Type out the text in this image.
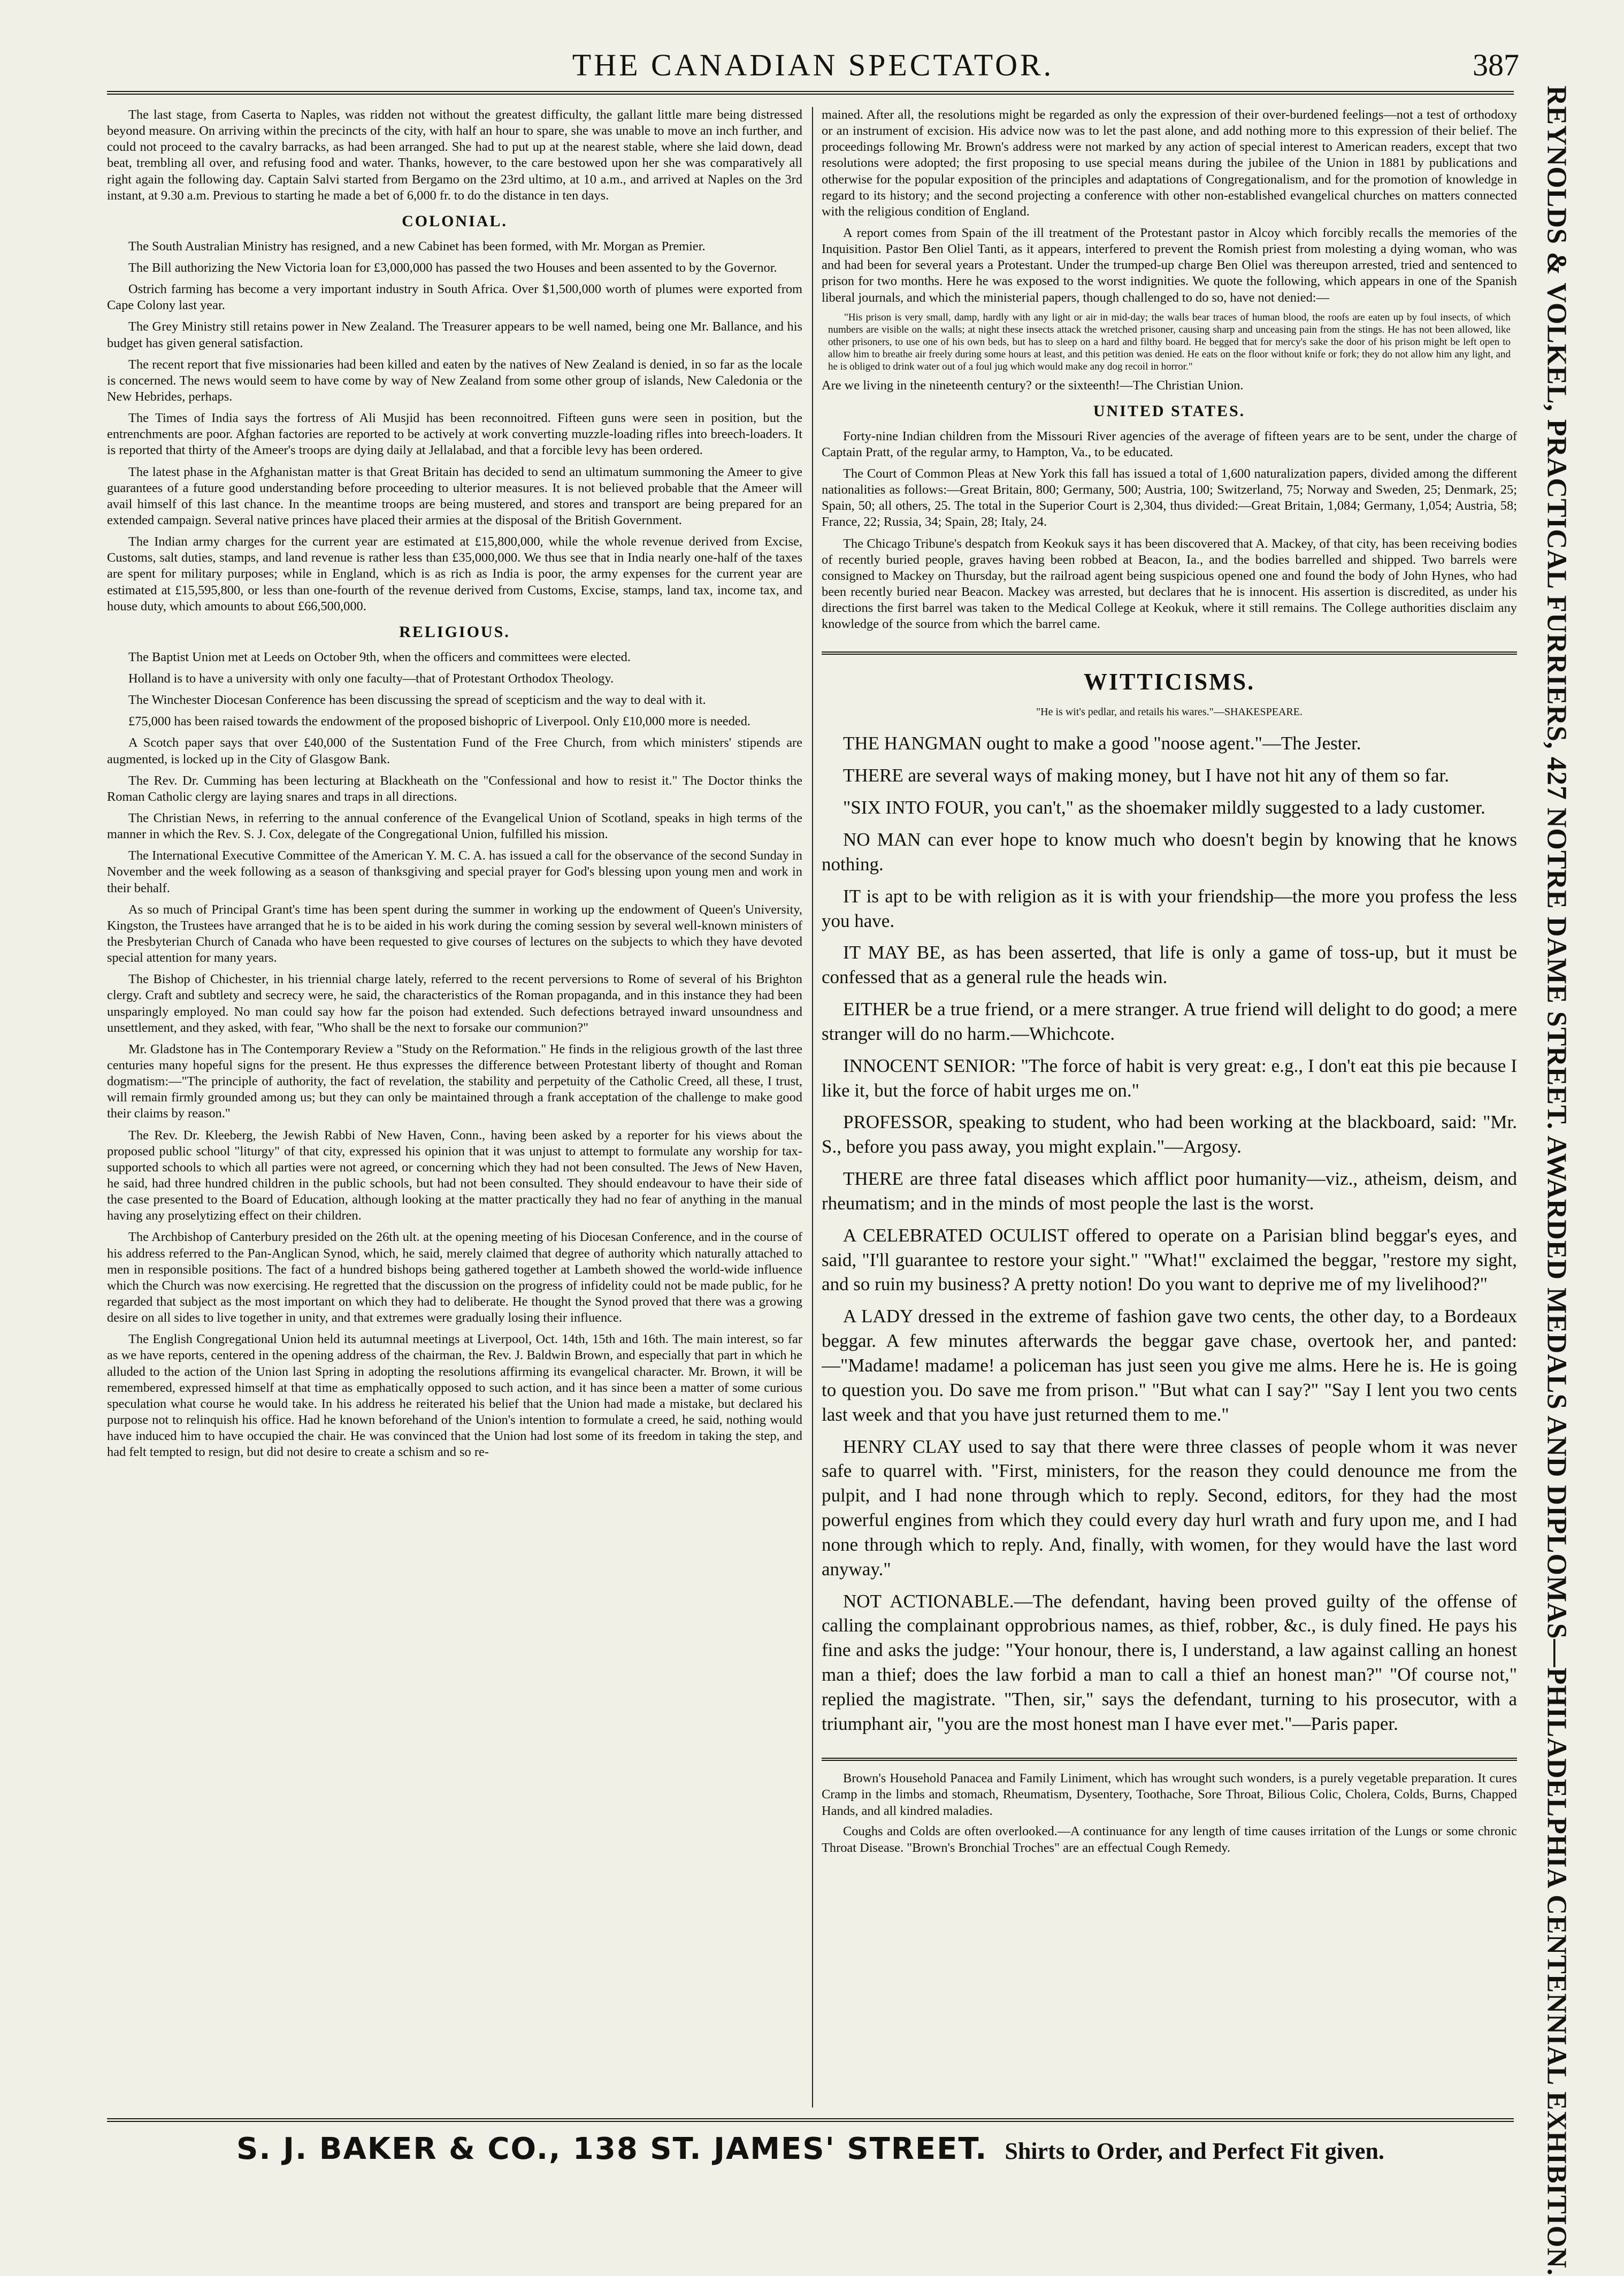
THE CANADIAN SPECTATOR.	387

The last stage, from Caserta to Naples, was ridden not without the greatest difficulty, the gallant little mare being distressed beyond measure. On arriving within the precincts of the city, with half an hour to spare, she was unable to move an inch further, and could not proceed to the cavalry barracks, as had been arranged. She had to put up at the nearest stable, where she laid down, dead beat, trembling all over, and refusing food and water. Thanks, however, to the care bestowed upon her she was comparatively all right again the following day. Captain Salvi started from Bergamo on the 23rd ultimo, at 10 a.m., and arrived at Naples on the 3rd instant, at 9.30 a.m. Previous to starting he made a bet of 6,000 fr. to do the distance in ten days.

COLONIAL.

The South Australian Ministry has resigned, and a new Cabinet has been formed, with Mr. Morgan as Premier.

The Bill authorizing the New Victoria loan for £3,000,000 has passed the two Houses and been assented to by the Governor.

Ostrich farming has become a very important industry in South Africa. Over $1,500,000 worth of plumes were exported from Cape Colony last year.

The Grey Ministry still retains power in New Zealand. The Treasurer appears to be well named, being one Mr. Ballance, and his budget has given general satisfaction.

The recent report that five missionaries had been killed and eaten by the natives of New Zealand is denied, in so far as the locale is concerned. The news would seem to have come by way of New Zealand from some other group of islands, New Caledonia or the New Hebrides, perhaps.

The Times of India says the fortress of Ali Musjid has been reconnoitred. Fifteen guns were seen in position, but the entrenchments are poor. Afghan factories are reported to be actively at work converting muzzle-loading rifles into breech-loaders. It is reported that thirty of the Ameer's troops are dying daily at Jellalabad, and that a forcible levy has been ordered.

The latest phase in the Afghanistan matter is that Great Britain has decided to send an ultimatum summoning the Ameer to give guarantees of a future good understanding before proceeding to ulterior measures. It is not believed probable that the Ameer will avail himself of this last chance. In the meantime troops are being mustered, and stores and transport are being prepared for an extended campaign. Several native princes have placed their armies at the disposal of the British Government.

The Indian army charges for the current year are estimated at £15,800,000, while the whole revenue derived from Excise, Customs, salt duties, stamps, and land revenue is rather less than £35,000,000. We thus see that in India nearly one-half of the taxes are spent for military purposes; while in England, which is as rich as India is poor, the army expenses for the current year are estimated at £15,595,800, or less than one-fourth of the revenue derived from Customs, Excise, stamps, land tax, income tax, and house duty, which amounts to about £66,500,000.

RELIGIOUS.

The Baptist Union met at Leeds on October 9th, when the officers and committees were elected.

Holland is to have a university with only one faculty—that of Protestant Orthodox Theology.

The Winchester Diocesan Conference has been discussing the spread of scepticism and the way to deal with it.

£75,000 has been raised towards the endowment of the proposed bishopric of Liverpool. Only £10,000 more is needed.

A Scotch paper says that over £40,000 of the Sustentation Fund of the Free Church, from which ministers' stipends are augmented, is locked up in the City of Glasgow Bank.

The Rev. Dr. Cumming has been lecturing at Blackheath on the "Confessional and how to resist it." The Doctor thinks the Roman Catholic clergy are laying snares and traps in all directions.

The Christian News, in referring to the annual conference of the Evangelical Union of Scotland, speaks in high terms of the manner in which the Rev. S. J. Cox, delegate of the Congregational Union, fulfilled his mission.

The International Executive Committee of the American Y. M. C. A. has issued a call for the observance of the second Sunday in November and the week following as a season of thanksgiving and special prayer for God's blessing upon young men and work in their behalf.

As so much of Principal Grant's time has been spent during the summer in working up the endowment of Queen's University, Kingston, the Trustees have arranged that he is to be aided in his work during the coming session by several well-known ministers of the Presbyterian Church of Canada who have been requested to give courses of lectures on the subjects to which they have devoted special attention for many years.

The Bishop of Chichester, in his triennial charge lately, referred to the recent perversions to Rome of several of his Brighton clergy. Craft and subtlety and secrecy were, he said, the characteristics of the Roman propaganda, and in this instance they had been unsparingly employed. No man could say how far the poison had extended. Such defections betrayed inward unsoundness and unsettlement, and they asked, with fear, "Who shall be the next to forsake our communion?"

Mr. Gladstone has in The Contemporary Review a "Study on the Reformation." He finds in the religious growth of the last three centuries many hopeful signs for the present. He thus expresses the difference between Protestant liberty of thought and Roman dogmatism:—"The principle of authority, the fact of revelation, the stability and perpetuity of the Catholic Creed, all these, I trust, will remain firmly grounded among us; but they can only be maintained through a frank acceptation of the challenge to make good their claims by reason."

The Rev. Dr. Kleeberg, the Jewish Rabbi of New Haven, Conn., having been asked by a reporter for his views about the proposed public school "liturgy" of that city, expressed his opinion that it was unjust to attempt to formulate any worship for tax-supported schools to which all parties were not agreed, or concerning which they had not been consulted. The Jews of New Haven, he said, had three hundred children in the public schools, but had not been consulted. They should endeavour to have their side of the case presented to the Board of Education, although looking at the matter practically they had no fear of anything in the manual having any proselytizing effect on their children.

The Archbishop of Canterbury presided on the 26th ult. at the opening meeting of his Diocesan Conference, and in the course of his address referred to the Pan-Anglican Synod, which, he said, merely claimed that degree of authority which naturally attached to men in responsible positions. The fact of a hundred bishops being gathered together at Lambeth showed the world-wide influence which the Church was now exercising. He regretted that the discussion on the progress of infidelity could not be made public, for he regarded that subject as the most important on which they had to deliberate. He thought the Synod proved that there was a growing desire on all sides to live together in unity, and that extremes were gradually losing their influence.

The English Congregational Union held its autumnal meetings at Liverpool, Oct. 14th, 15th and 16th. The main interest, so far as we have reports, centered in the opening address of the chairman, the Rev. J. Baldwin Brown, and especially that part in which he alluded to the action of the Union last Spring in adopting the resolutions affirming its evangelical character. Mr. Brown, it will be remembered, expressed himself at that time as emphatically opposed to such action, and it has since been a matter of some curious speculation what course he would take. In his address he reiterated his belief that the Union had made a mistake, but declared his purpose not to relinquish his office. Had he known beforehand of the Union's intention to formulate a creed, he said, nothing would have induced him to have occupied the chair. He was convinced that the Union had lost some of its freedom in taking the step, and had felt tempted to resign, but did not desire to create a schism and so re-

mained. After all, the resolutions might be regarded as only the expression of their over-burdened feelings—not a test of orthodoxy or an instrument of excision. His advice now was to let the past alone, and add nothing more to this expression of their belief. The proceedings following Mr. Brown's address were not marked by any action of special interest to American readers, except that two resolutions were adopted; the first proposing to use special means during the jubilee of the Union in 1881 by publications and otherwise for the popular exposition of the principles and adaptations of Congregationalism, and for the promotion of knowledge in regard to its history; and the second projecting a conference with other non-established evangelical churches on matters connected with the religious condition of England.

A report comes from Spain of the ill treatment of the Protestant pastor in Alcoy which forcibly recalls the memories of the Inquisition. Pastor Ben Oliel Tanti, as it appears, interfered to prevent the Romish priest from molesting a dying woman, who was and had been for several years a Protestant. Under the trumped-up charge Ben Oliel was thereupon arrested, tried and sentenced to prison for two months. Here he was exposed to the worst indignities. We quote the following, which appears in one of the Spanish liberal journals, and which the ministerial papers, though challenged to do so, have not denied:—

"His prison is very small, damp, hardly with any light or air in mid-day; the walls bear traces of human blood, the roofs are eaten up by foul insects, of which numbers are visible on the walls; at night these insects attack the wretched prisoner, causing sharp and unceasing pain from the stings. He has not been allowed, like other prisoners, to use one of his own beds, but has to sleep on a hard and filthy board. He begged that for mercy's sake the door of his prison might be left open to allow him to breathe air freely during some hours at least, and this petition was denied. He eats on the floor without knife or fork; they do not allow him any light, and he is obliged to drink water out of a foul jug which would make any dog recoil in horror."

Are we living in the nineteenth century? or the sixteenth!—The Christian Union.

UNITED STATES.

Forty-nine Indian children from the Missouri River agencies of the average of fifteen years are to be sent, under the charge of Captain Pratt, of the regular army, to Hampton, Va., to be educated.

The Court of Common Pleas at New York this fall has issued a total of 1,600 naturalization papers, divided among the different nationalities as follows:—Great Britain, 800; Germany, 500; Austria, 100; Switzerland, 75; Norway and Sweden, 25; Denmark, 25; Spain, 50; all others, 25. The total in the Superior Court is 2,304, thus divided:—Great Britain, 1,084; Germany, 1,054; Austria, 58; France, 22; Russia, 34; Spain, 28; Italy, 24.

The Chicago Tribune's despatch from Keokuk says it has been discovered that A. Mackey, of that city, has been receiving bodies of recently buried people, graves having been robbed at Beacon, Ia., and the bodies barrelled and shipped. Two barrels were consigned to Mackey on Thursday, but the railroad agent being suspicious opened one and found the body of John Hynes, who had been recently buried near Beacon. Mackey was arrested, but declares that he is innocent. His assertion is discredited, as under his directions the first barrel was taken to the Medical College at Keokuk, where it still remains. The College authorities disclaim any knowledge of the source from which the barrel came.

WITTICISMS.
"He is wit's pedlar, and retails his wares."—SHAKESPEARE.

THE HANGMAN ought to make a good "noose agent."—The Jester.

THERE are several ways of making money, but I have not hit any of them so far.

"SIX INTO FOUR, you can't," as the shoemaker mildly suggested to a lady customer.

NO MAN can ever hope to know much who doesn't begin by knowing that he knows nothing.

IT is apt to be with religion as it is with your friendship—the more you profess the less you have.

IT MAY BE, as has been asserted, that life is only a game of toss-up, but it must be confessed that as a general rule the heads win.

EITHER be a true friend, or a mere stranger. A true friend will delight to do good; a mere stranger will do no harm.—Whichcote.

INNOCENT SENIOR: "The force of habit is very great: e.g., I don't eat this pie because I like it, but the force of habit urges me on."

PROFESSOR, speaking to student, who had been working at the blackboard, said: "Mr. S., before you pass away, you might explain."—Argosy.

THERE are three fatal diseases which afflict poor humanity—viz., atheism, deism, and rheumatism; and in the minds of most people the last is the worst.

A CELEBRATED OCULIST offered to operate on a Parisian blind beggar's eyes, and said, "I'll guarantee to restore your sight." "What!" exclaimed the beggar, "restore my sight, and so ruin my business? A pretty notion! Do you want to deprive me of my livelihood?"

A LADY dressed in the extreme of fashion gave two cents, the other day, to a Bordeaux beggar. A few minutes afterwards the beggar gave chase, overtook her, and panted:—"Madame! madame! a policeman has just seen you give me alms. Here he is. He is going to question you. Do save me from prison." "But what can I say?" "Say I lent you two cents last week and that you have just returned them to me."

HENRY CLAY used to say that there were three classes of people whom it was never safe to quarrel with. "First, ministers, for the reason they could denounce me from the pulpit, and I had none through which to reply. Second, editors, for they had the most powerful engines from which they could every day hurl wrath and fury upon me, and I had none through which to reply. And, finally, with women, for they would have the last word anyway."

NOT ACTIONABLE.—The defendant, having been proved guilty of the offense of calling the complainant opprobrious names, as thief, robber, &c., is duly fined. He pays his fine and asks the judge: "Your honour, there is, I understand, a law against calling an honest man a thief; does the law forbid a man to call a thief an honest man?" "Of course not," replied the magistrate. "Then, sir," says the defendant, turning to his prosecutor, with a triumphant air, "you are the most honest man I have ever met."—Paris paper.

Brown's Household Panacea and Family Liniment, which has wrought such wonders, is a purely vegetable preparation. It cures Cramp in the limbs and stomach, Rheumatism, Dysentery, Toothache, Sore Throat, Bilious Colic, Cholera, Colds, Burns, Chapped Hands, and all kindred maladies.

Coughs and Colds are often overlooked.—A continuance for any length of time causes irritation of the Lungs or some chronic Throat Disease. "Brown's Bronchial Troches" are an effectual Cough Remedy.	REYNOLDS & VOLKEL, PRACTICAL FURRIERS, 427 NOTRE DAME STREET. AWARDED MEDALS AND DIPLOMAS—PHILADELPHIA CENTENNIAL EXHIBITION.
S. J. BAKER & CO., 138 ST. JAMES' STREET. Shirts to Order, and Perfect Fit given.
